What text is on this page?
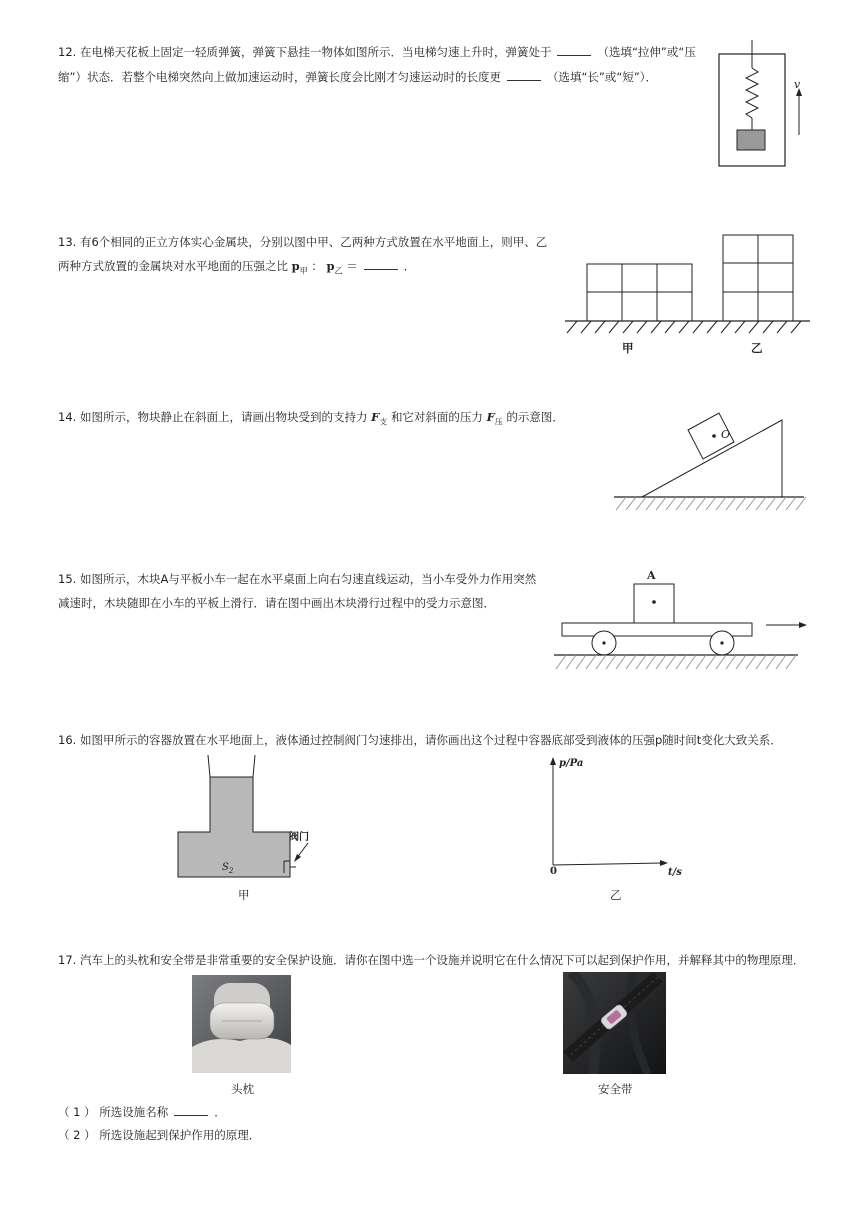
12. 在电梯天花板上固定一轻质弹簧，弹簧下悬挂一物体如图所示．当电梯匀速上升时，弹簧处于	（选填“拉伸”或“压
缩”）状态．若整个电梯突然向上做加速运动时，弹簧长度会比刚才匀速运动时的长度更	（选填“长”或“短”）．
v
13. 有6个相同的正立方体实心金属块，分别以图中甲、乙两种方式放置在水平地面上，则甲、乙
两种方式放置的金属块对水平地面的压强之比 $p_甲$ ： $p_乙$ ＝	．
甲	乙
14. 如图所示，物块静止在斜面上，请画出物块受到的支持力 $F_支$ 和它对斜面的压力 $F_压$ 的示意图．
O
15. 如图所示，木块A与平板小车一起在水平桌面上向右匀速直线运动，当小车受外力作用突然
减速时，木块随即在小车的平板上滑行．请在图中画出木块滑行过程中的受力示意图．
A
16. 如图甲所示的容器放置在水平地面上，液体通过控制阀门匀速排出，请你画出这个过程中容器底部受到液体的压强p随时间t变化大致关系．
阀门
$S_2$
甲
p/Pa
t/s
0
乙
17. 汽车上的头枕和安全带是非常重要的安全保护设施．请你在图中选一个设施并说明它在什么情况下可以起到保护作用，并解释其中的物理原理．
头枕	安全带
（ 1 ） 所选设施名称	．
（ 2 ） 所选设施起到保护作用的原理．
